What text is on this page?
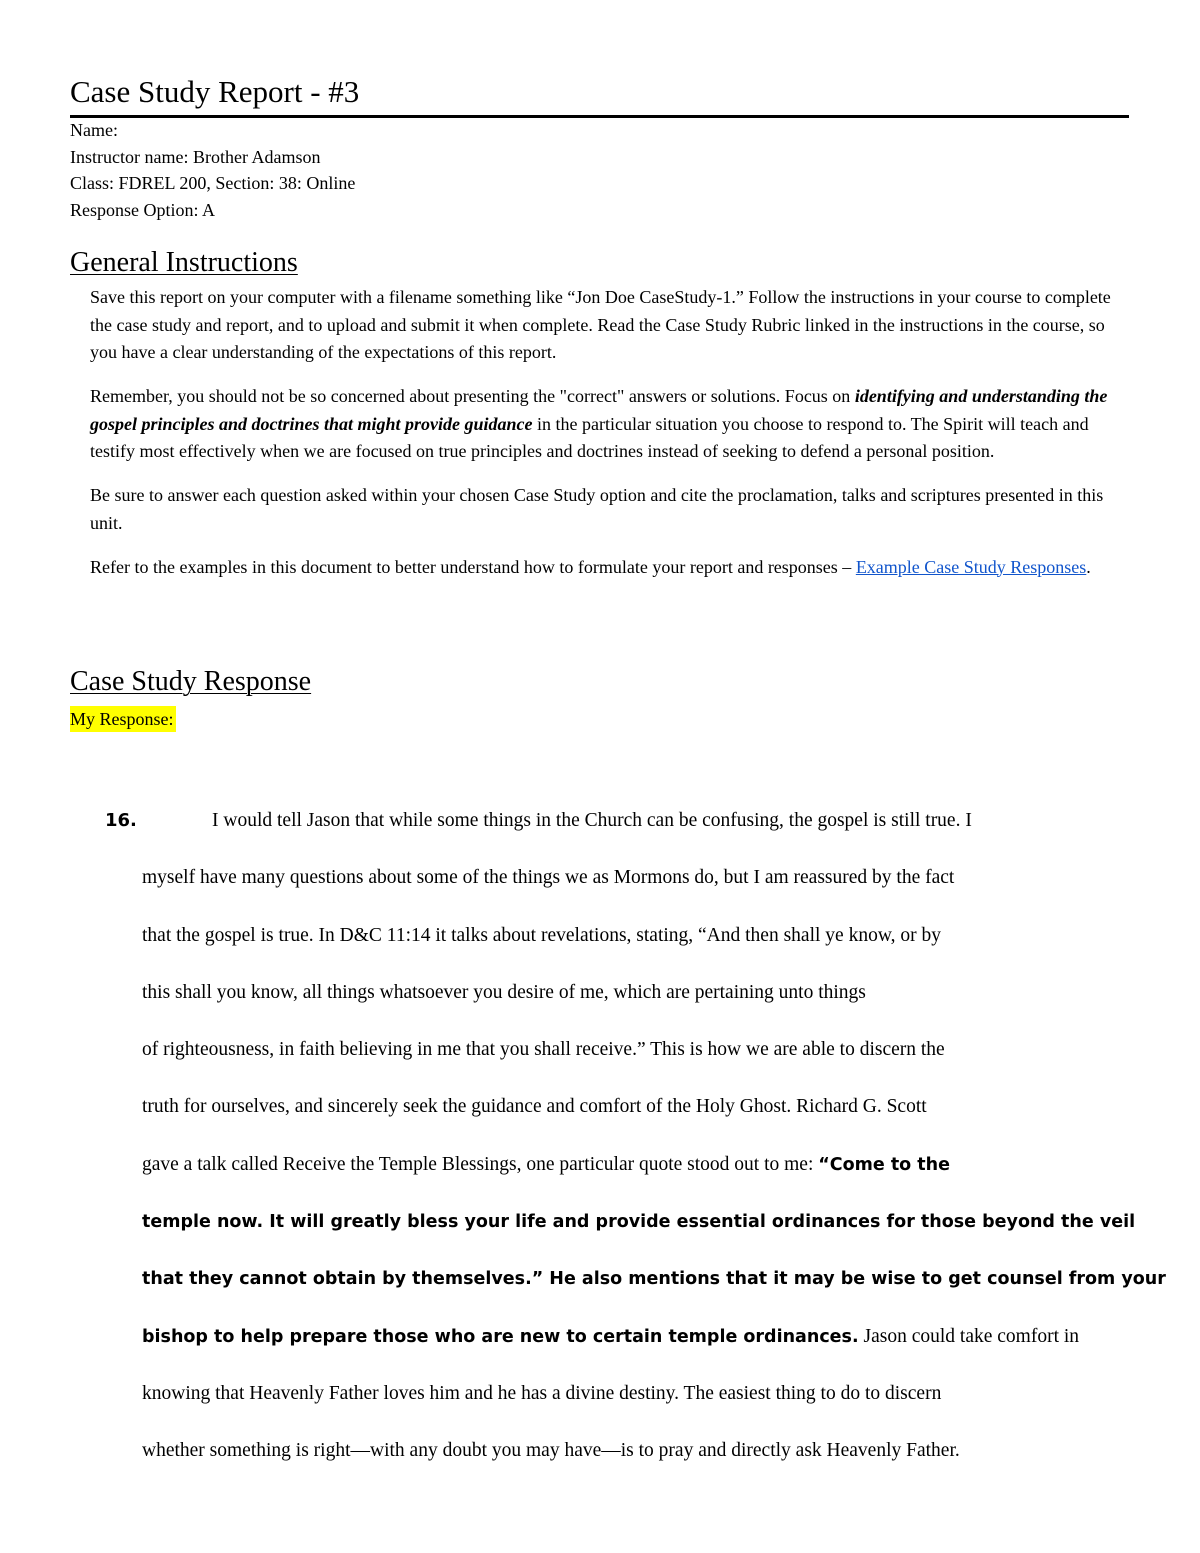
Case Study Report - #3
Name:
Instructor name: Brother Adamson
Class: FDREL 200, Section: 38: Online
Response Option: A
General Instructions

Save this report on your computer with a filename something like “Jon Doe CaseStudy-1.” Follow the instructions in your course to complete the case study and report, and to upload and submit it when complete. Read the Case Study Rubric linked in the instructions in the course, so you have a clear understanding of the expectations of this report.

Remember, you should not be so concerned about presenting the "correct" answers or solutions. Focus on identifying and understanding the gospel principles and doctrines that might provide guidance in the particular situation you choose to respond to. The Spirit will teach and testify most effectively when we are focused on true principles and doctrines instead of seeking to defend a personal position.

Be sure to answer each question asked within your chosen Case Study option and cite the proclamation, talks and scriptures presented in this unit.

Refer to the examples in this document to better understand how to formulate your report and responses – Example Case Study Responses.

Case Study Response
My Response:
16.	I would tell Jason that while some things in the Church can be confusing, the gospel is still true. I
myself have many questions about some of the things we as Mormons do, but I am reassured by the fact
that the gospel is true. In D&C 11:14 it talks about revelations, stating, “And then shall ye know, or by
this shall you know, all things whatsoever you desire of me, which are pertaining unto things
of righteousness, in faith believing in me that you shall receive.” This is how we are able to discern the
truth for ourselves, and sincerely seek the guidance and comfort of the Holy Ghost. Richard G. Scott
gave a talk called Receive the Temple Blessings, one particular quote stood out to me: “Come to the
temple now. It will greatly bless your life and provide essential ordinances for those beyond the veil
that they cannot obtain by themselves.” He also mentions that it may be wise to get counsel from your
bishop to help prepare those who are new to certain temple ordinances. Jason could take comfort in
knowing that Heavenly Father loves him and he has a divine destiny. The easiest thing to do to discern
whether something is right—with any doubt you may have—is to pray and directly ask Heavenly Father.
